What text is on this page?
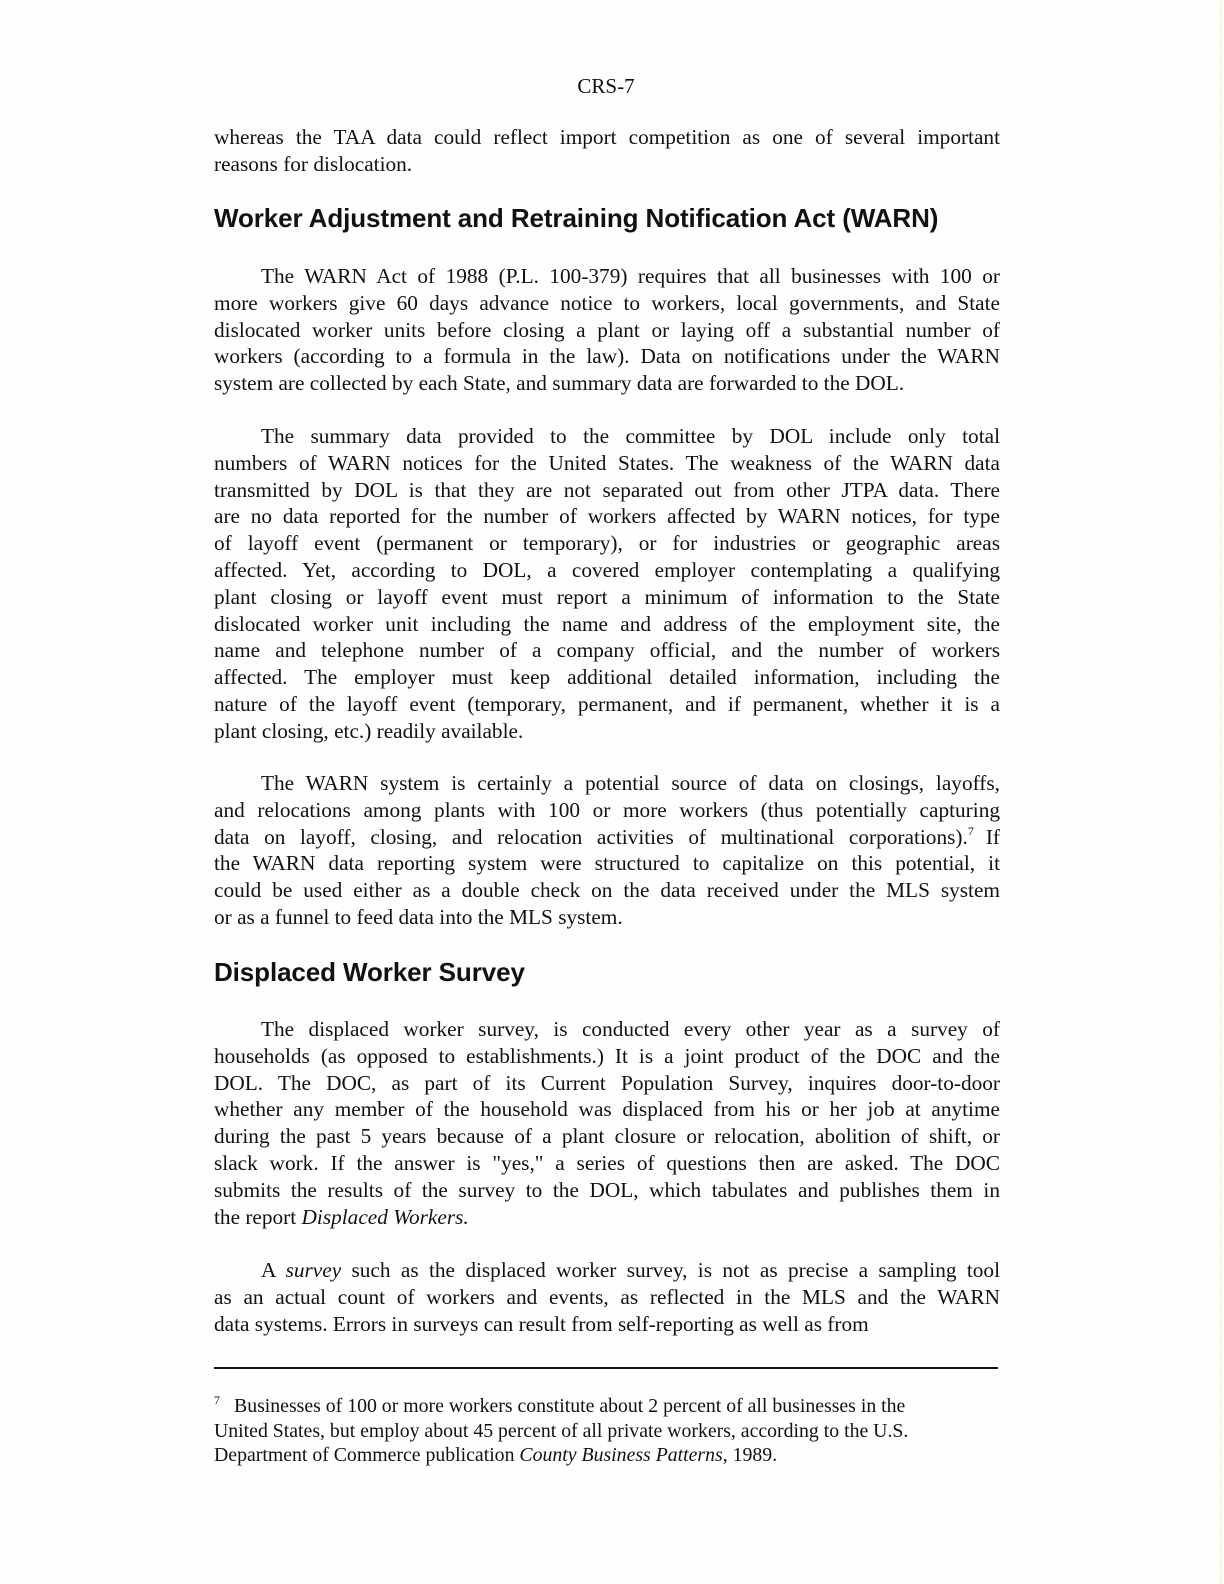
CRS-7

whereas the TAA data could reflect import competition as one of several important
reasons for dislocation.

Worker Adjustment and Retraining Notification Act (WARN)

The WARN Act of 1988 (P.L. 100-379) requires that all businesses with 100 or
more workers give 60 days advance notice to workers, local governments, and State
dislocated worker units before closing a plant or laying off a substantial number of
workers (according to a formula in the law). Data on notifications under the WARN
system are collected by each State, and summary data are forwarded to the DOL.

The summary data provided to the committee by DOL include only total
numbers of WARN notices for the United States. The weakness of the WARN data
transmitted by DOL is that they are not separated out from other JTPA data. There
are no data reported for the number of workers affected by WARN notices, for type
of layoff event (permanent or temporary), or for industries or geographic areas
affected. Yet, according to DOL, a covered employer contemplating a qualifying
plant closing or layoff event must report a minimum of information to the State
dislocated worker unit including the name and address of the employment site, the
name and telephone number of a company official, and the number of workers
affected. The employer must keep additional detailed information, including the
nature of the layoff event (temporary, permanent, and if permanent, whether it is a
plant closing, etc.) readily available.

The WARN system is certainly a potential source of data on closings, layoffs,
and relocations among plants with 100 or more workers (thus potentially capturing
data on layoff, closing, and relocation activities of multinational corporations).$^7$ If
the WARN data reporting system were structured to capitalize on this potential, it
could be used either as a double check on the data received under the MLS system
or as a funnel to feed data into the MLS system.

Displaced Worker Survey

The displaced worker survey, is conducted every other year as a survey of
households (as opposed to establishments.) It is a joint product of the DOC and the
DOL. The DOC, as part of its Current Population Survey, inquires door-to-door
whether any member of the household was displaced from his or her job at anytime
during the past 5 years because of a plant closure or relocation, abolition of shift, or
slack work. If the answer is "yes," a series of questions then are asked. The DOC
submits the results of the survey to the DOL, which tabulates and publishes them in
the report Displaced Workers.

A survey such as the displaced worker survey, is not as precise a sampling tool
as an actual count of workers and events, as reflected in the MLS and the WARN
data systems. Errors in surveys can result from self-reporting as well as from

$^7$ Businesses of 100 or more workers constitute about 2 percent of all businesses in the
United States, but employ about 45 percent of all private workers, according to the U.S.
Department of Commerce publication County Business Patterns, 1989.
